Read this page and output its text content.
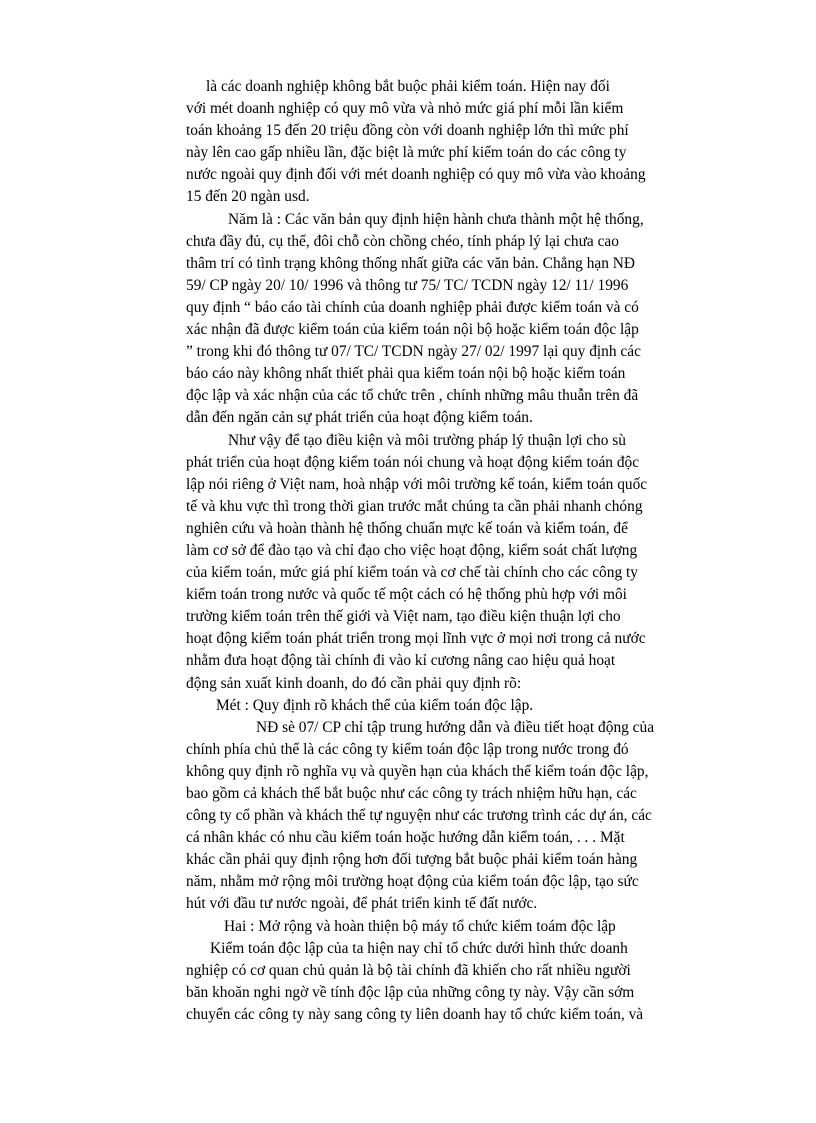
là các doanh nghiệp không bắt buộc phải kiểm toán. Hiện nay đối
với mét doanh nghiệp có quy mô vừa và nhỏ mức giá phí mỗi lần kiểm
toán khoảng 15 đến 20 triệu đồng còn với doanh nghiệp lớn thì mức phí
này lên cao gấp nhiều lần, đặc biệt là mức phí kiểm toán do các công ty
nước ngoài quy định đối với mét doanh nghiệp có quy mô vừa vào khoảng
15 đến 20 ngàn usd.
Năm là : Các văn bản quy định hiện hành chưa thành một hệ thống,
chưa đầy đủ, cụ thể, đôi chỗ còn chồng chéo, tính pháp lý lại chưa cao
thâm trí có tình trạng không thống nhất giữa các văn bản. Chẳng hạn NĐ
59/ CP ngày 20/ 10/ 1996 và thông tư 75/ TC/ TCDN ngày 12/ 11/ 1996
quy định “ báo cáo tài chính của doanh nghiệp phải được kiểm toán và có
xác nhận đã được kiểm toán của kiểm toán nội bộ hoặc kiểm toán độc lập
” trong khi đó thông tư 07/ TC/ TCDN ngày 27/ 02/ 1997 lại quy định các
báo cáo này không nhất thiết phải qua kiểm toán nội bộ hoặc kiểm toán
độc lập và xác nhận của các tổ chức trên , chính những mâu thuẫn trên đã
dẫn đến ngăn cản sự phát triển của hoạt động kiểm toán.
Như vậy để tạo điều kiện và môi trường pháp lý thuận lợi cho sù
phát triển của hoạt động kiểm toán nói chung và hoạt động kiểm toán độc
lập nói riêng ở Việt nam, hoà nhập với môi trường kế toán, kiểm toán quốc
tế và khu vực thì trong thời gian trước mắt chúng ta cần phải nhanh chóng
nghiên cứu và hoàn thành hệ thống chuẩn mực kế toán và kiểm toán, để
làm cơ sở để đào tạo và chỉ đạo cho việc hoạt động, kiểm soát chất lượng
của kiểm toán, mức giá phí kiểm toán và cơ chế tài chính cho các công ty
kiểm toán trong nước và quốc tế một cách có hệ thống phù hợp với môi
trường kiểm toán trên thế giới và Việt nam, tạo điều kiện thuận lợi cho
hoạt động kiểm toán phát triển trong mọi lĩnh vực ở mọi nơi trong cả nước
nhằm đưa hoạt động tài chính đi vào kỉ cương nâng cao hiệu quả hoạt
động sản xuất kinh doanh, do đó cần phải quy định rõ:
Mét : Quy định rõ khách thể của kiểm toán độc lập.
NĐ sè 07/ CP chỉ tập trung hướng dẫn và điều tiết hoạt động của
chính phía chủ thể là các công ty kiểm toán độc lập trong nước trong đó
không quy định rõ nghĩa vụ và quyền hạn của khách thể kiểm toán độc lập,
bao gồm cả khách thể bắt buộc như các công ty trách nhiệm hữu hạn, các
công ty cổ phần và khách thể tự nguyện như các trương trình các dự án, các
cá nhân khác có nhu cầu kiểm toán hoặc hướng dẫn kiểm toán, . . . Mặt
khác cần phải quy định rộng hơn đối tượng bắt buộc phải kiểm toán hàng
năm, nhằm mở rộng môi trường hoạt động của kiểm toán độc lập, tạo sức
hút với đầu tư nước ngoài, để phát triển kinh tế đất nước.
Hai : Mở rộng và hoàn thiện bộ máy tổ chức kiểm toám độc lập
Kiểm toán độc lập của ta hiện nay chỉ tổ chức dưới hình thức doanh
nghiệp có cơ quan chủ quản là bộ tài chính đã khiến cho rất nhiều người
băn khoăn nghi ngờ về tính độc lập của những công ty này. Vậy cần sớm
chuyển các công ty này sang công ty liên doanh hay tổ chức kiểm toán, và
